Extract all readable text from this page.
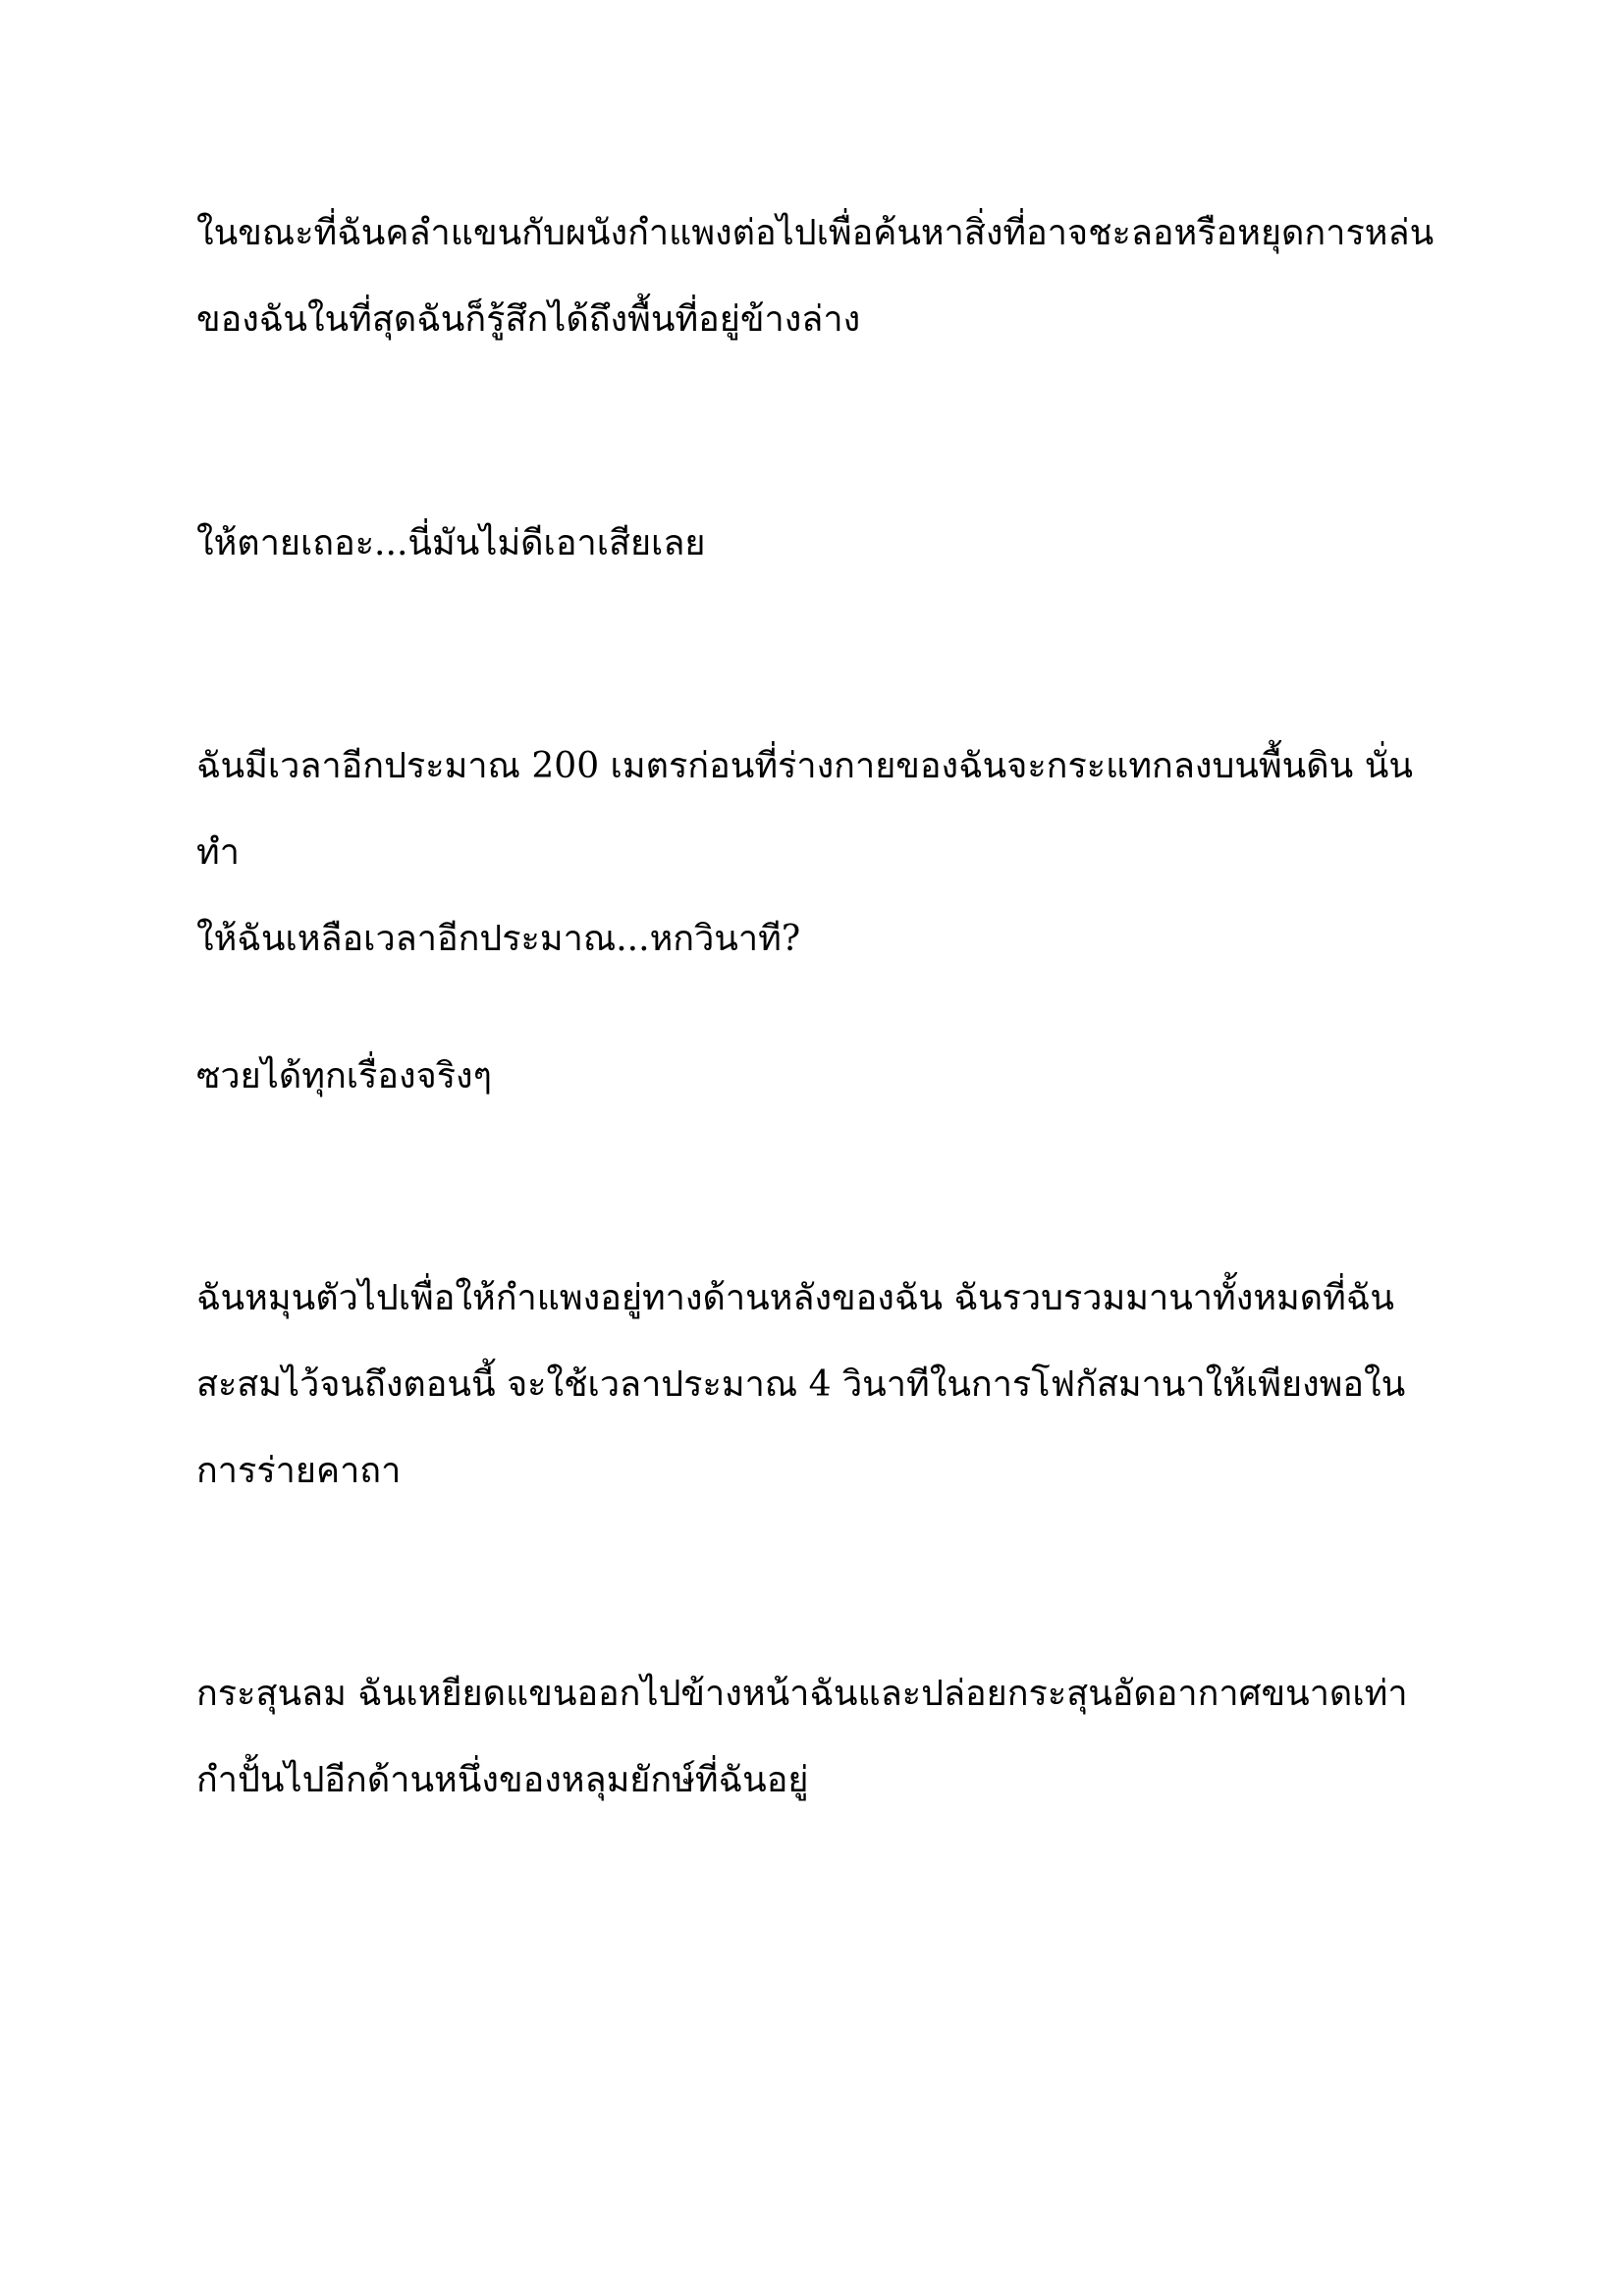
ในขณะที่ฉันคลำแขนกับผนังกำแพงต่อไปเพื่อค้นหาสิ่งที่อาจชะลอหรือหยุดการหล่น
ของฉันในที่สุดฉันก็รู้สึกได้ถึงพื้นที่อยู่ข้างล่าง

ให้ตายเถอะ...นี่มันไม่ดีเอาเสียเลย

ฉันมีเวลาอีกประมาณ 200 เมตรก่อนที่ร่างกายของฉันจะกระแทกลงบนพื้นดิน นั่นทำ
ให้ฉันเหลือเวลาอีกประมาณ...หกวินาที?

ซวยได้ทุกเรื่องจริงๆ

ฉันหมุนตัวไปเพื่อให้กำแพงอยู่ทางด้านหลังของฉัน ฉันรวบรวมมานาทั้งหมดที่ฉัน
สะสมไว้จนถึงตอนนี้ จะใช้เวลาประมาณ 4 วินาทีในการโฟกัสมานาให้เพียงพอใน
การร่ายคาถา

กระสุนลม ฉันเหยียดแขนออกไปข้างหน้าฉันและปล่อยกระสุนอัดอากาศขนาดเท่า
กำปั้นไปอีกด้านหนึ่งของหลุมยักษ์ที่ฉันอยู่
